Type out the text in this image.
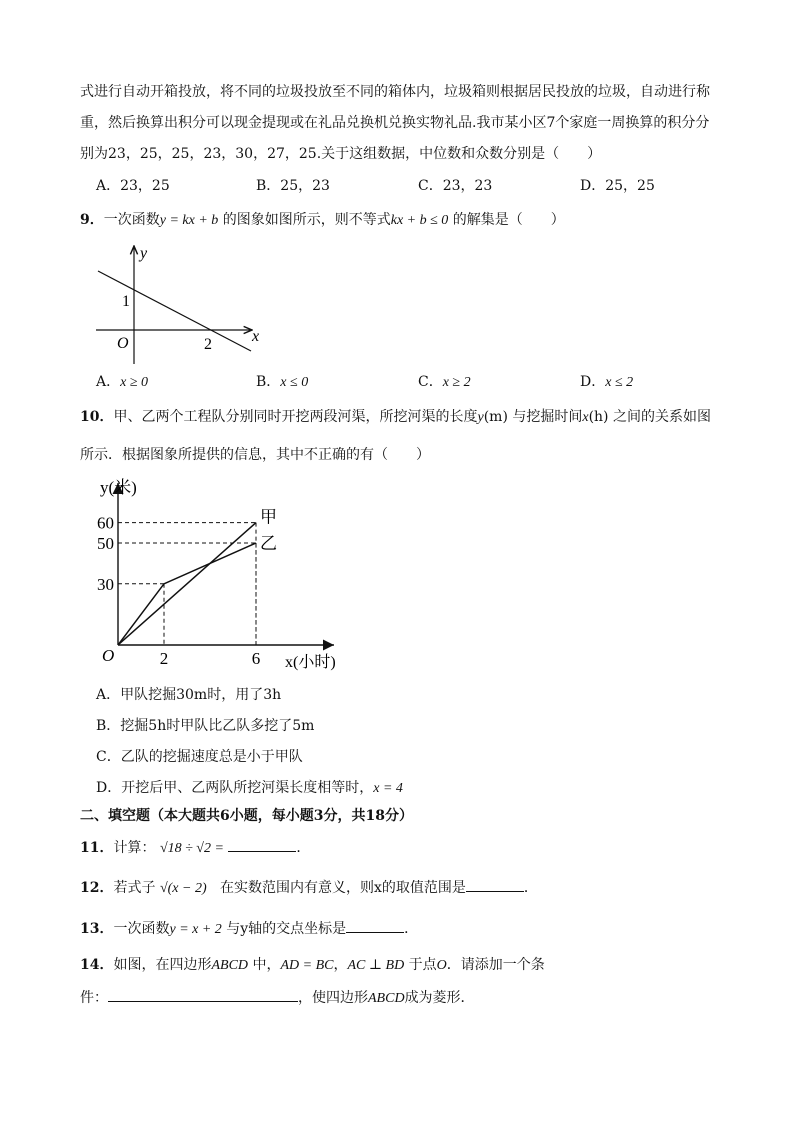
式进行自动开箱投放，将不同的垃圾投放至不同的箱体内，垃圾箱则根据居民投放的垃圾，自动进行称
重，然后换算出积分可以现金提现或在礼品兑换机兑换实物礼品.我市某小区7个家庭一周换算的积分分
别为23，25，25，23，30，27，25.关于这组数据，中位数和众数分别是（　　）
A．23，25	B．25，23	C．23，23	D．25，25
9．一次函数y = kx + b 的图象如图所示，则不等式kx + b ≤ 0 的解集是（　　）
y
x
O
1
2
A．x ≥ 0	B．x ≤ 0	C．x ≥ 2	D．x ≤ 2
10．甲、乙两个工程队分别同时开挖两段河渠，所挖河渠的长度y(m) 与挖掘时间x(h) 之间的关系如图
所示．根据图象所提供的信息，其中不正确的有（　　）
甲
乙
30
50
60
2	6
y(米)
x(小时)
O
A．甲队挖掘30m时，用了3h
B．挖掘5h时甲队比乙队多挖了5m
C．乙队的挖掘速度总是小于甲队
D．开挖后甲、乙两队所挖河渠长度相等时，x = 4
二、填空题（本大题共6小题，每小题3分，共18分）
11．计算： √18 ÷ √2 =	．
12．若式子 √(x − 2) 在实数范围内有意义，则x的取值范围是	．
13．一次函数y = x + 2 与y轴的交点坐标是	．
14．如图，在四边形ABCD 中，AD = BC，AC ⊥ BD 于点O．请添加一个条
件：	，使四边形ABCD成为菱形．
